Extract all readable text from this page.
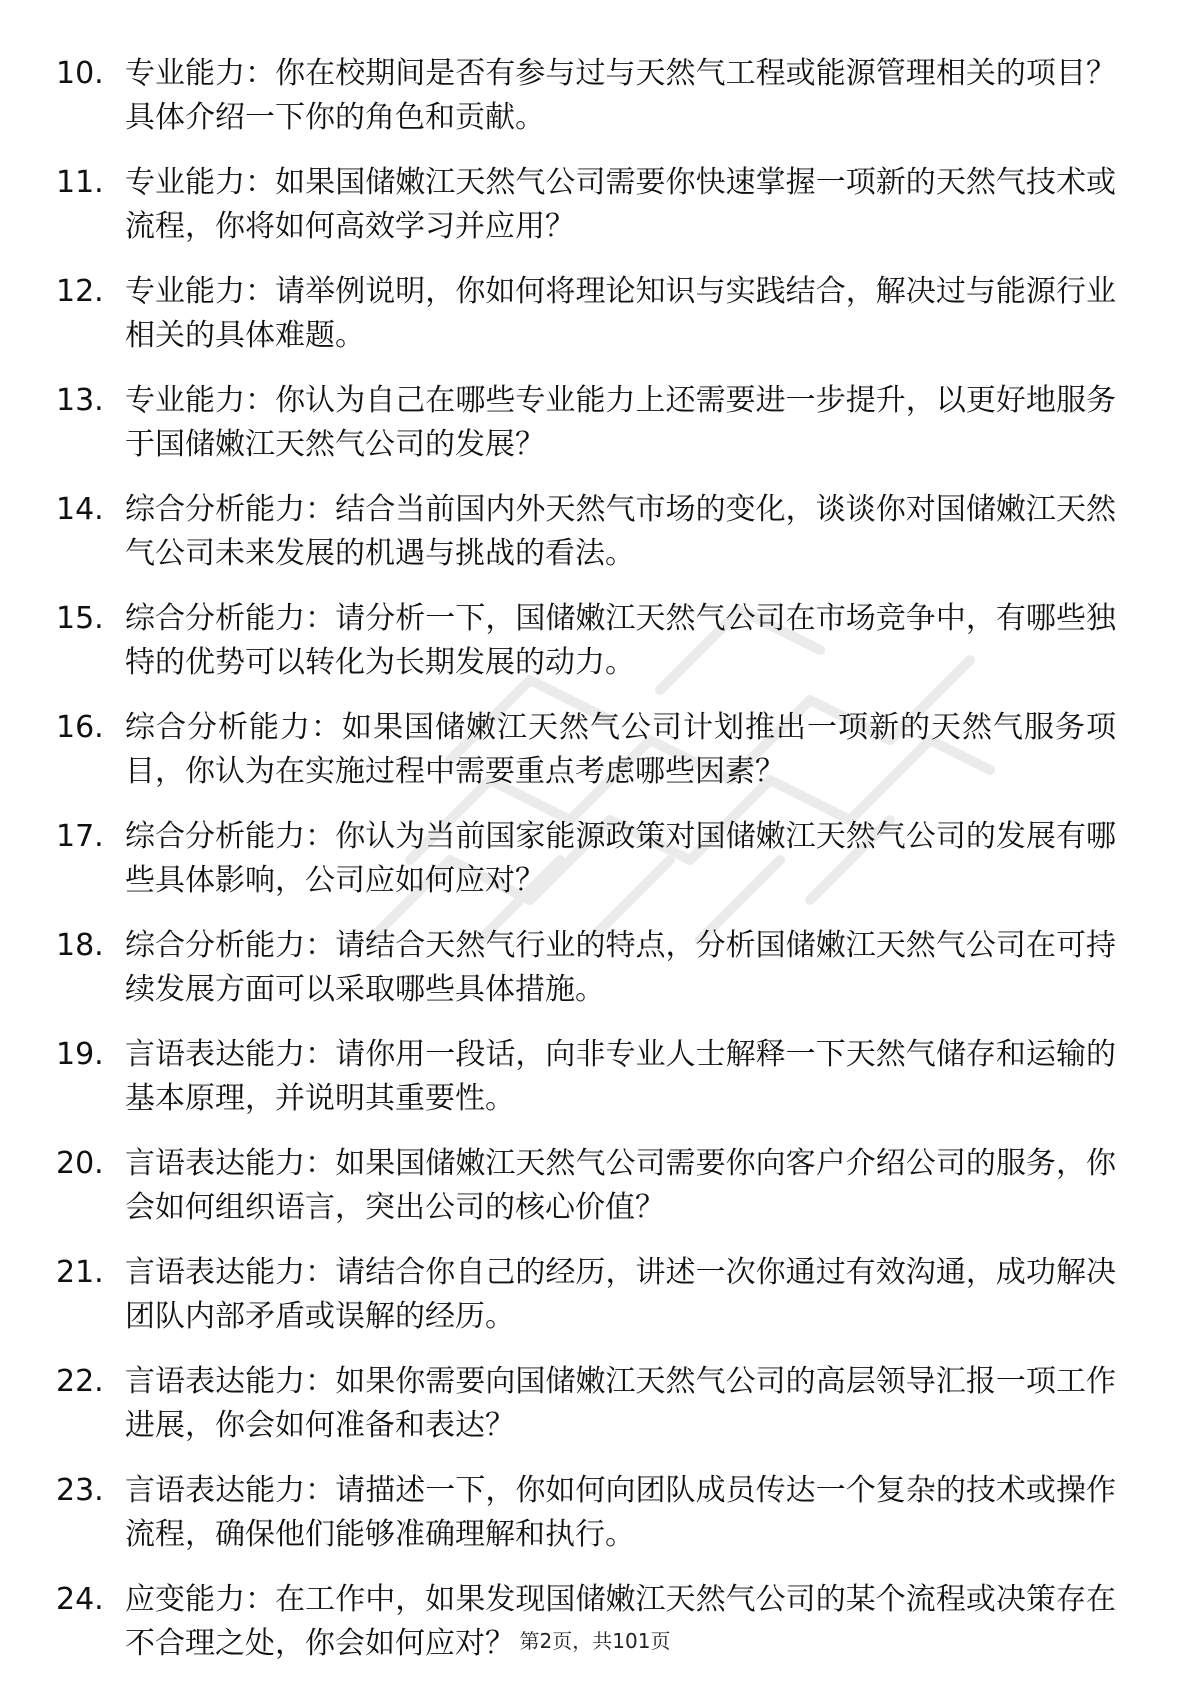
10. 专业能力：你在校期间是否有参与过与天然气工程或能源管理相关的项目？具体介绍一下你的角色和贡献。
11. 专业能力：如果国储嫩江天然气公司需要你快速掌握一项新的天然气技术或流程，你将如何高效学习并应用？
12. 专业能力：请举例说明，你如何将理论知识与实践结合，解决过与能源行业相关的具体难题。
13. 专业能力：你认为自己在哪些专业能力上还需要进一步提升，以更好地服务于国储嫩江天然气公司的发展？
14. 综合分析能力：结合当前国内外天然气市场的变化，谈谈你对国储嫩江天然气公司未来发展的机遇与挑战的看法。
15. 综合分析能力：请分析一下，国储嫩江天然气公司在市场竞争中，有哪些独特的优势可以转化为长期发展的动力。
16. 综合分析能力：如果国储嫩江天然气公司计划推出一项新的天然气服务项目，你认为在实施过程中需要重点考虑哪些因素？
17. 综合分析能力：你认为当前国家能源政策对国储嫩江天然气公司的发展有哪些具体影响，公司应如何应对？
18. 综合分析能力：请结合天然气行业的特点，分析国储嫩江天然气公司在可持续发展方面可以采取哪些具体措施。
19. 言语表达能力：请你用一段话，向非专业人士解释一下天然气储存和运输的基本原理，并说明其重要性。
20. 言语表达能力：如果国储嫩江天然气公司需要你向客户介绍公司的服务，你会如何组织语言，突出公司的核心价值？
21. 言语表达能力：请结合你自己的经历，讲述一次你通过有效沟通，成功解决团队内部矛盾或误解的经历。
22. 言语表达能力：如果你需要向国储嫩江天然气公司的高层领导汇报一项工作进展，你会如何准备和表达？
23. 言语表达能力：请描述一下，你如何向团队成员传达一个复杂的技术或操作流程，确保他们能够准确理解和执行。
24. 应变能力：在工作中，如果发现国储嫩江天然气公司的某个流程或决策存在不合理之处，你会如何应对？ 第2页，共101页
